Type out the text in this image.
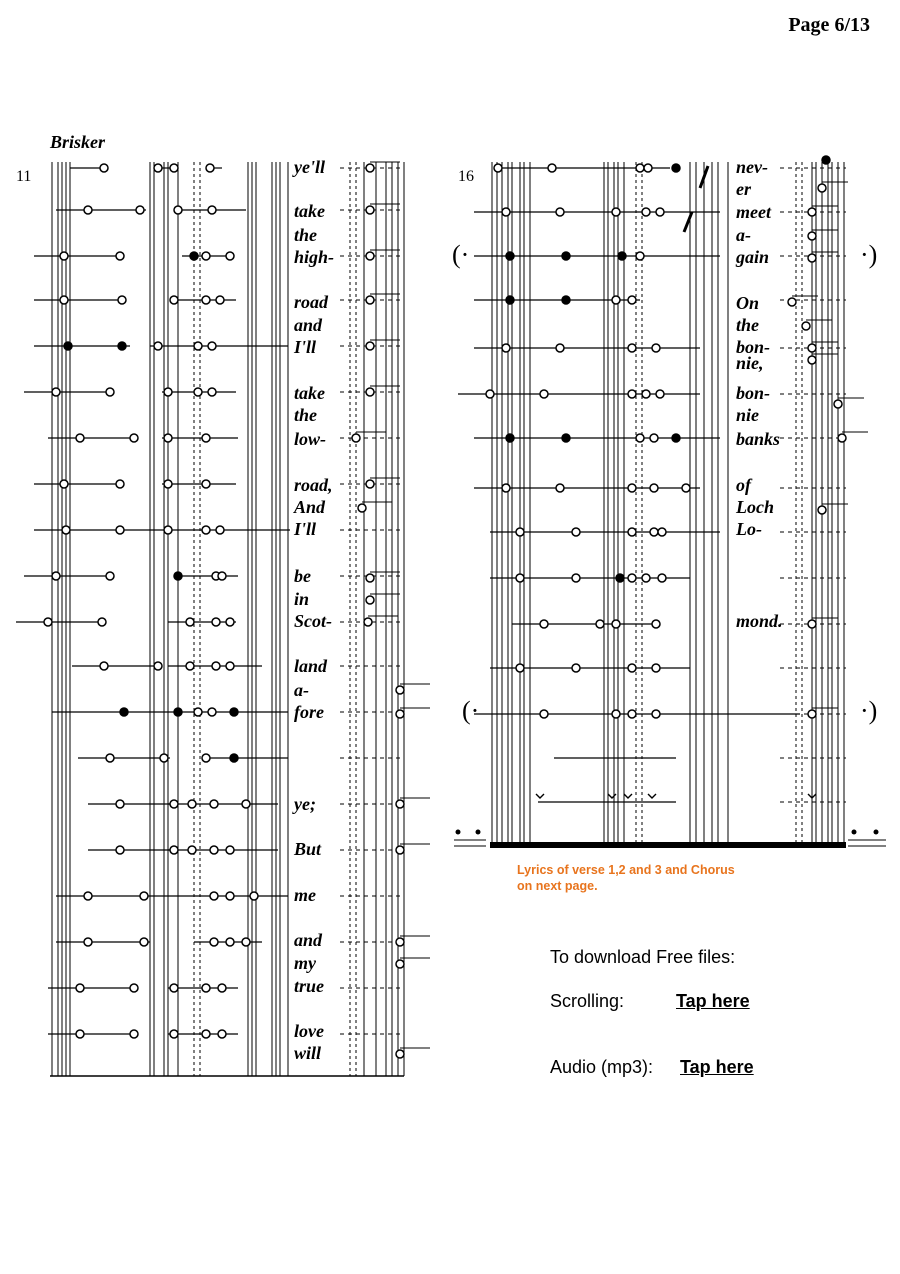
Page 6/13
Brisker
11	16
ye'll
take
the
high-
road
and
I'll
take
the
low-
road,
And
I'll
be
in
Scot-
land
a-
fore
ye;
But
me
and
my
true
love
will
nev-
er
meet
a-
gain
On
the
bon-
nie,
bon-
nie
banks
of
Loch
Lo-
mond.
(·	·)
(·	·)
Lyrics of verse 1,2 and 3 and Chorus
on next page.
To download Free files:
Scrolling:	Tap here
Audio (mp3): Tap here
